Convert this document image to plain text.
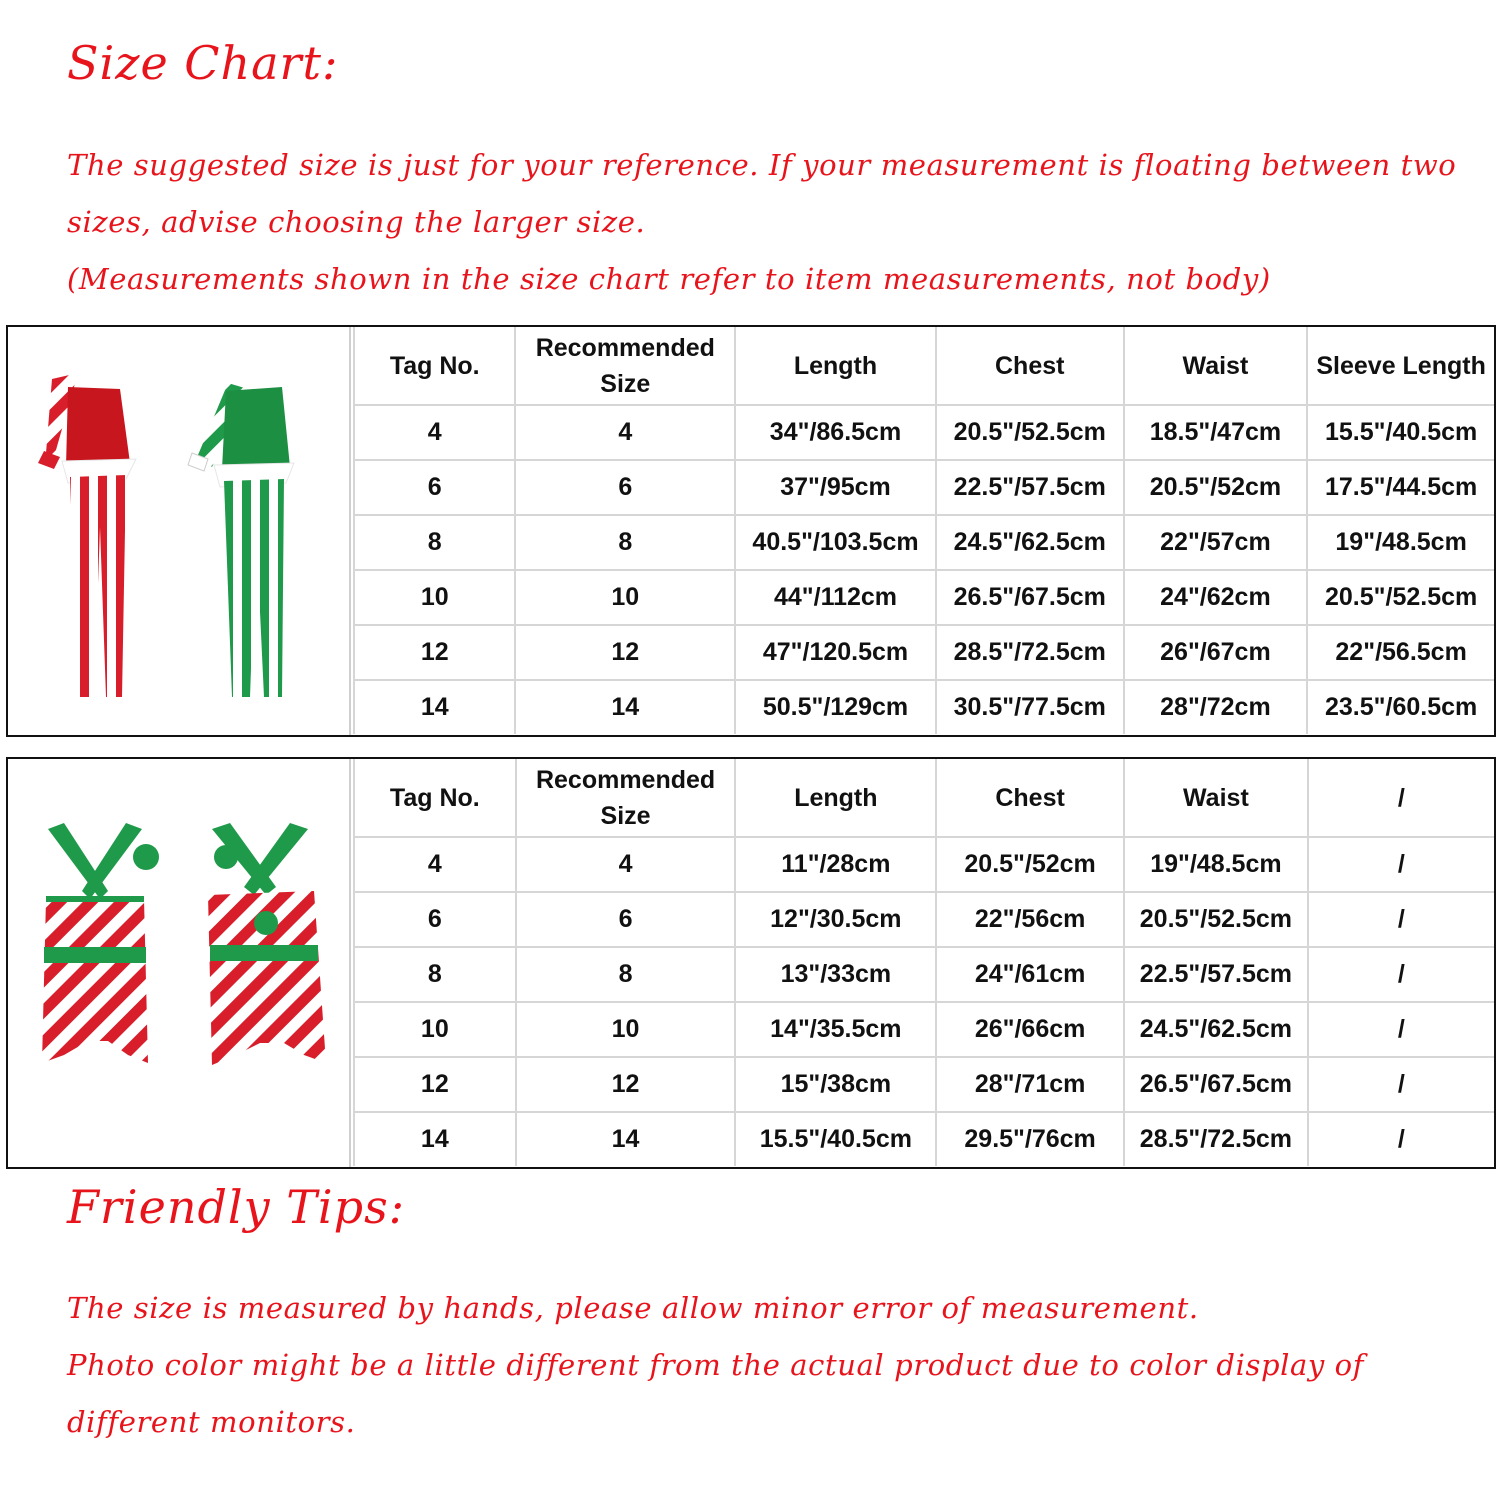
Size Chart:

The suggested size is just for your reference. If your measurement is floating between two

sizes, advise choosing the larger size.

(Measurements shown in the size chart refer to item measurements, not body)

Tag No.	Recommended Size	Length	Chest	Waist	Sleeve Length
4	4	34"/86.5cm	20.5"/52.5cm	18.5"/47cm	15.5"/40.5cm
6	6	37"/95cm	22.5"/57.5cm	20.5"/52cm	17.5"/44.5cm
8	8	40.5"/103.5cm	24.5"/62.5cm	22"/57cm	19"/48.5cm
10	10	44"/112cm	26.5"/67.5cm	24"/62cm	20.5"/52.5cm
12	12	47"/120.5cm	28.5"/72.5cm	26"/67cm	22"/56.5cm
14	14	50.5"/129cm	30.5"/77.5cm	28"/72cm	23.5"/60.5cm
Tag No.	Recommended Size	Length	Chest	Waist	/
4	4	11"/28cm	20.5"/52cm	19"/48.5cm	/
6	6	12"/30.5cm	22"/56cm	20.5"/52.5cm	/
8	8	13"/33cm	24"/61cm	22.5"/57.5cm	/
10	10	14"/35.5cm	26"/66cm	24.5"/62.5cm	/
12	12	15"/38cm	28"/71cm	26.5"/67.5cm	/
14	14	15.5"/40.5cm	29.5"/76cm	28.5"/72.5cm	/
Friendly Tips:

The size is measured by hands, please allow minor error of measurement.

Photo color might be a little different from the actual product due to color display of

different monitors.
